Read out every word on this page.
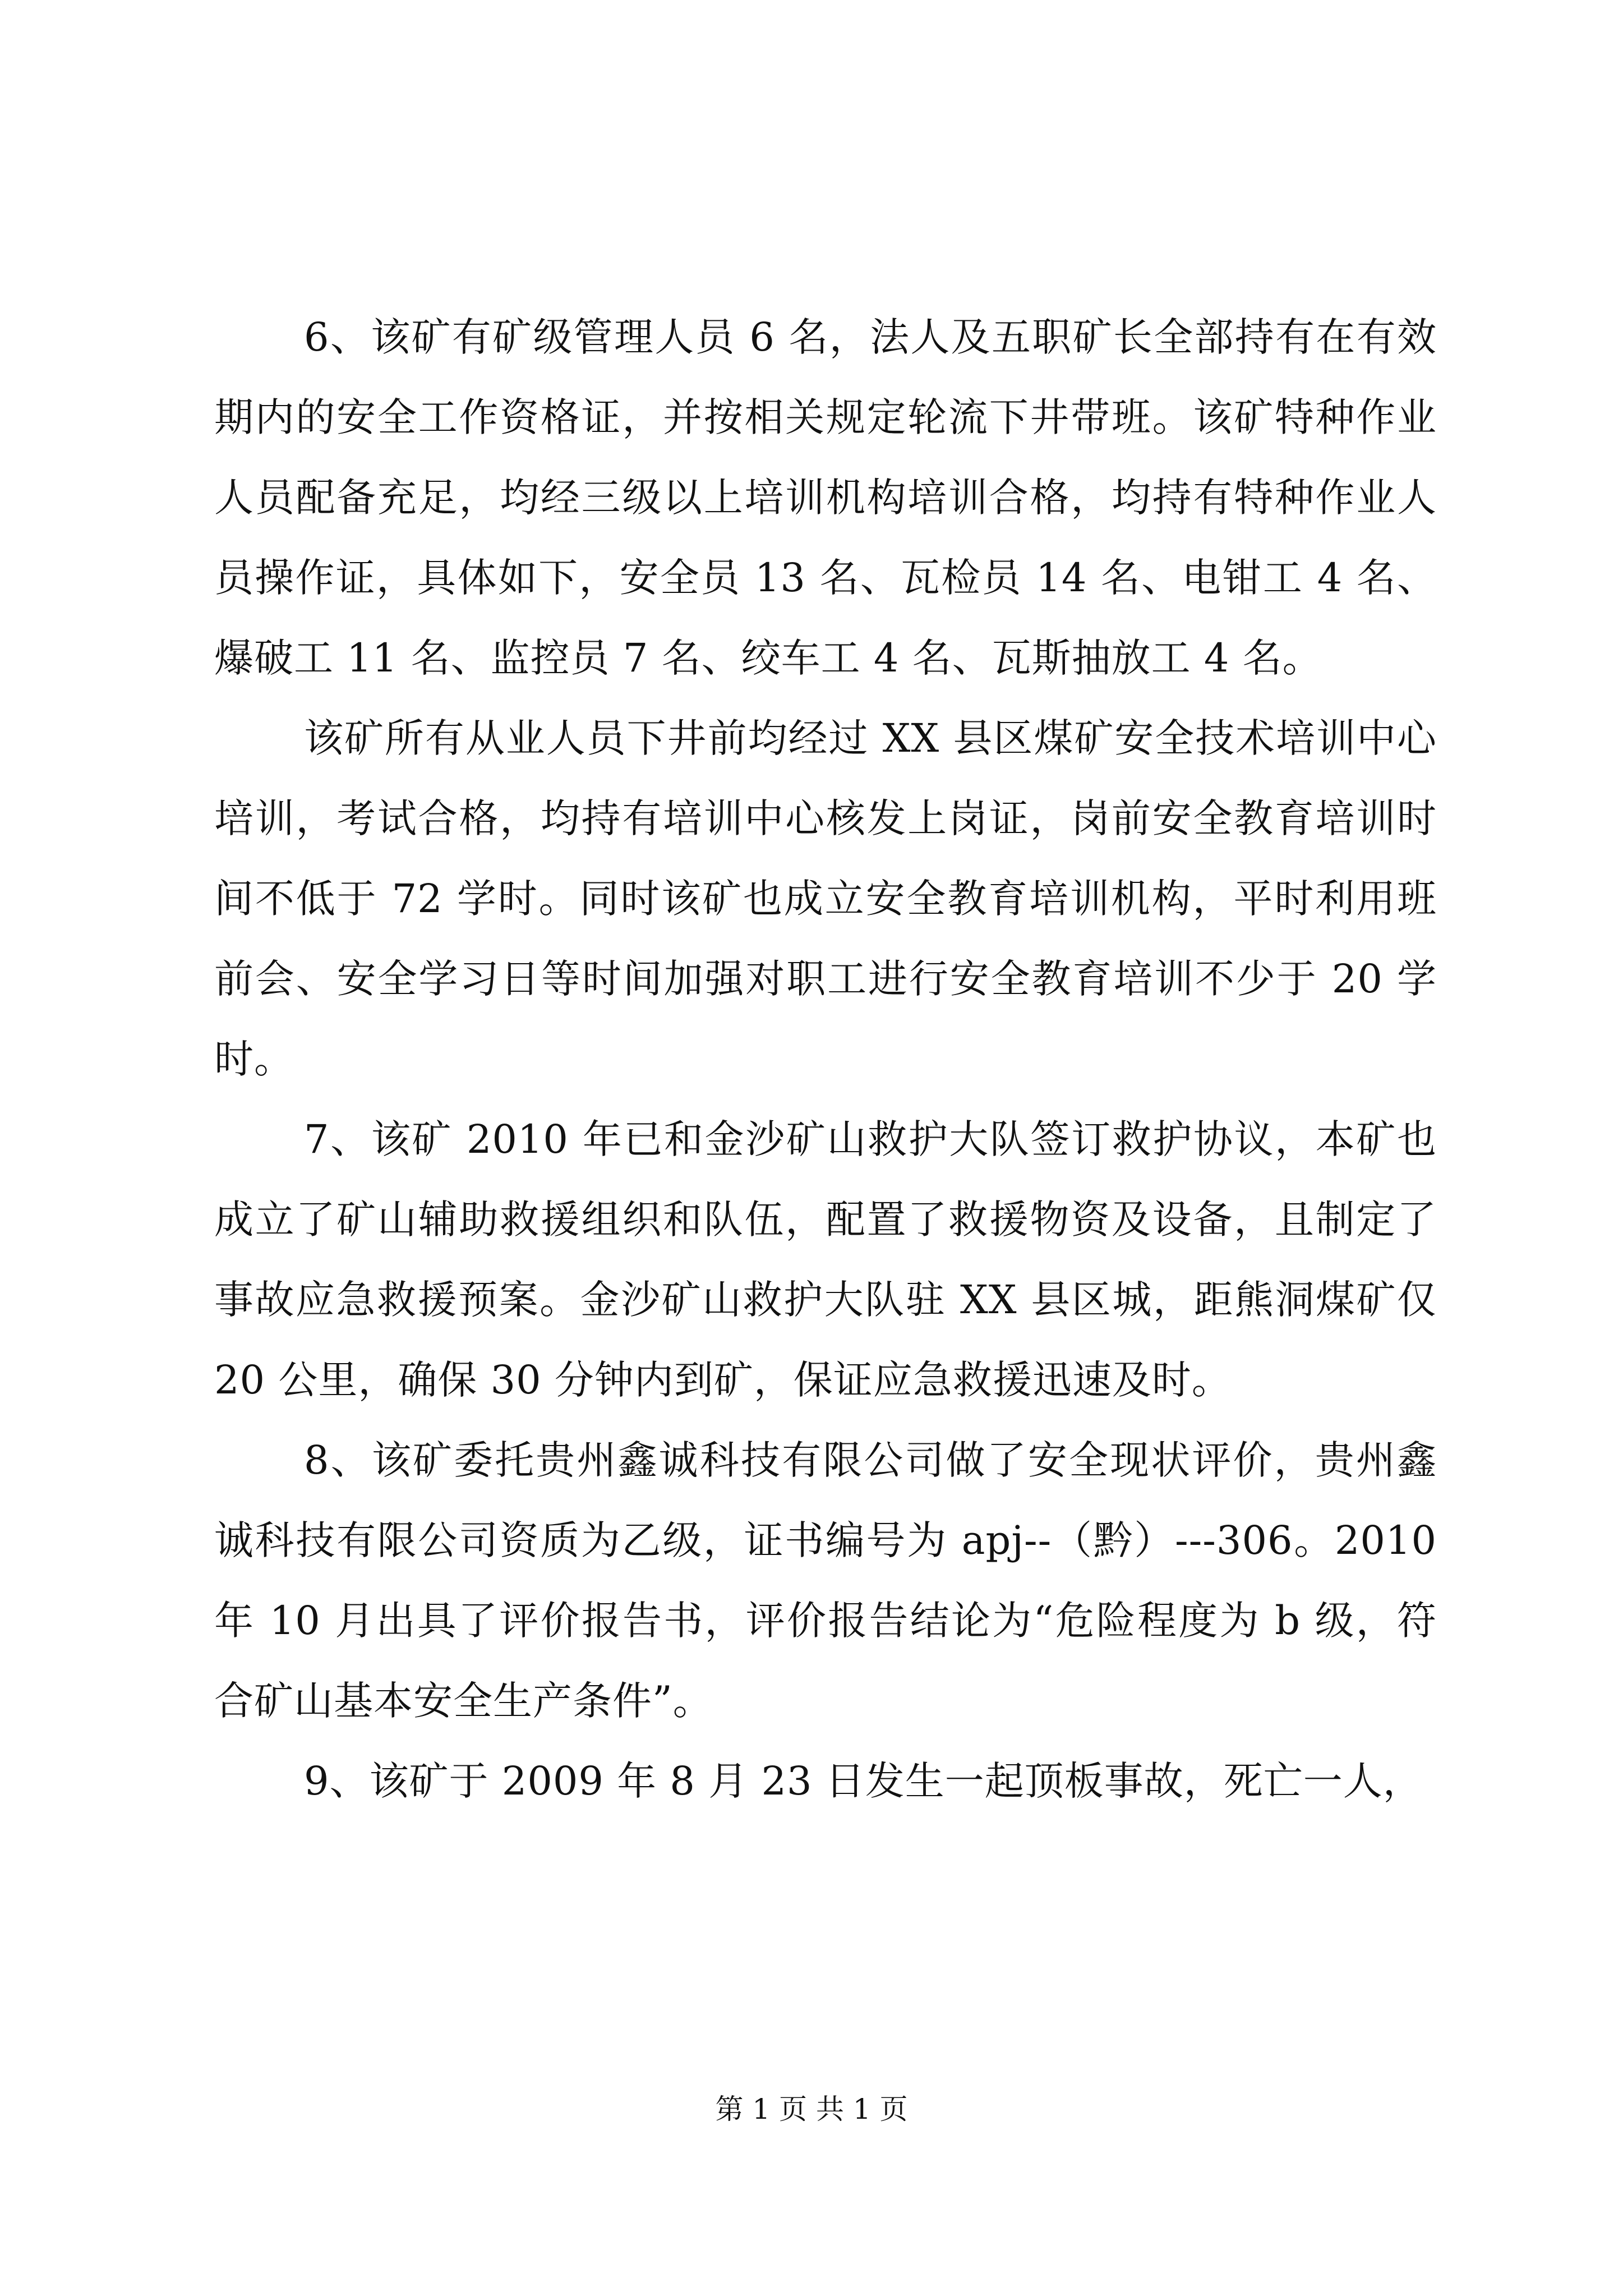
6、该矿有矿级管理人员 6 名，法人及五职矿长全部持有在有效期内的安全工作资格证，并按相关规定轮流下井带班。该矿特种作业人员配备充足，均经三级以上培训机构培训合格，均持有特种作业人员操作证，具体如下，安全员 13 名、瓦检员 14 名、电钳工 4 名、爆破工 11 名、监控员 7 名、绞车工 4 名、瓦斯抽放工 4 名。

该矿所有从业人员下井前均经过 XX 县区煤矿安全技术培训中心培训，考试合格，均持有培训中心核发上岗证，岗前安全教育培训时间不低于 72 学时。同时该矿也成立安全教育培训机构，平时利用班前会、安全学习日等时间加强对职工进行安全教育培训不少于 20 学时。

7、该矿 2010 年已和金沙矿山救护大队签订救护协议，本矿也成立了矿山辅助救援组织和队伍，配置了救援物资及设备，且制定了事故应急救援预案。金沙矿山救护大队驻 XX 县区城，距熊洞煤矿仅 20 公里，确保 30 分钟内到矿，保证应急救援迅速及时。

8、该矿委托贵州鑫诚科技有限公司做了安全现状评价，贵州鑫诚科技有限公司资质为乙级，证书编号为 apj--（黔）---306。2010 年 10 月出具了评价报告书，评价报告结论为“危险程度为 b 级，符合矿山基本安全生产条件”。

9、该矿于 2009 年 8 月 23 日发生一起顶板事故，死亡一人，

第 1 页 共 1 页
